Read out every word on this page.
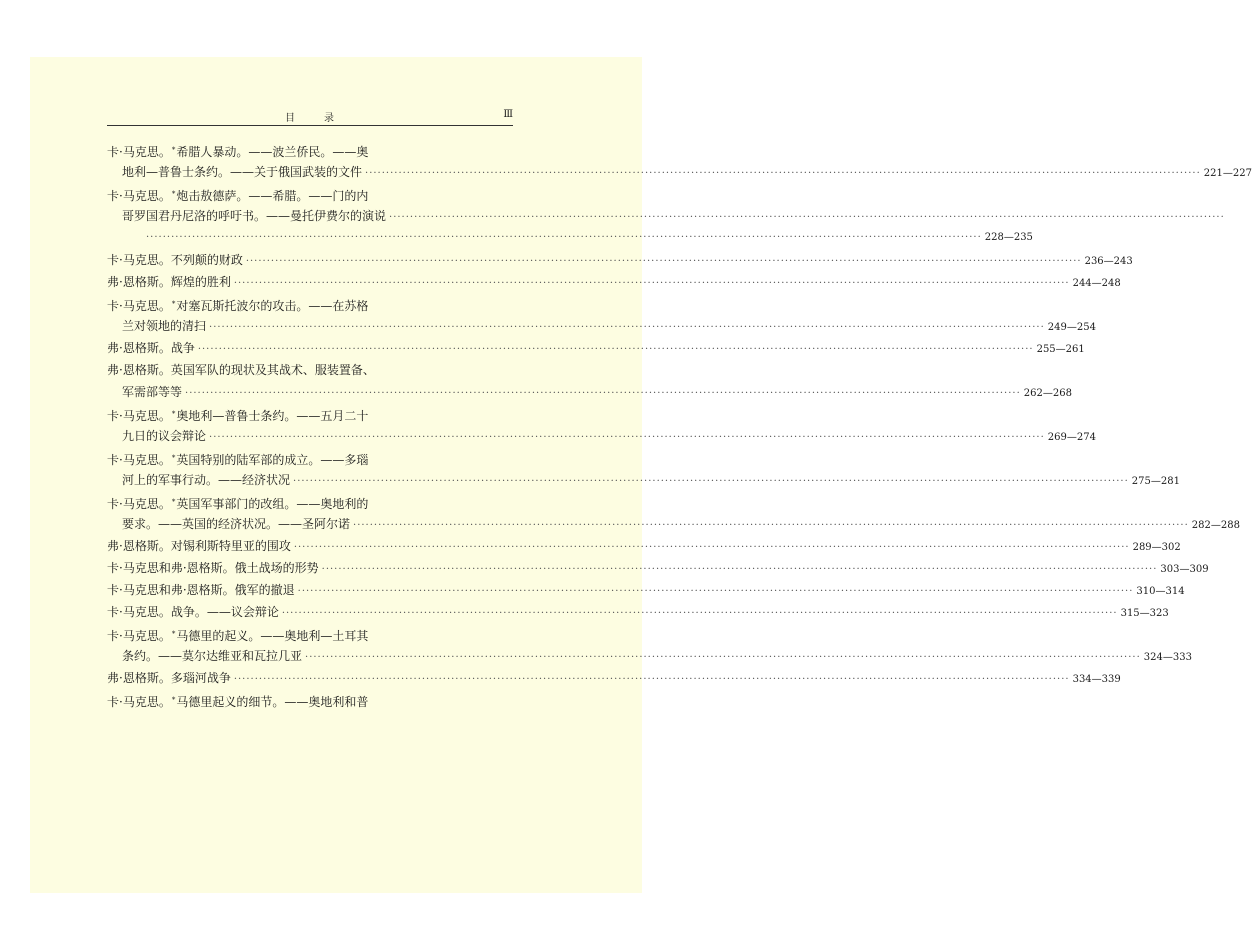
目	录	Ⅲ
卡·马克思。*希腊人暴动。——波兰侨民。——奥
地利—普鲁士条约。——关于俄国武装的文件 ········································································································································································································ 221—227
卡·马克思。*炮击敖德萨。——希腊。——门的内
哥罗国君丹尼洛的呼吁书。——曼托伊费尔的演说 ········································································································································································································
········································································································································································································ 228—235
卡·马克思。不列颠的财政 ········································································································································································································ 236—243
弗·恩格斯。辉煌的胜利 ········································································································································································································ 244—248
卡·马克思。*对塞瓦斯托波尔的攻击。——在苏格
兰对领地的清扫 ········································································································································································································ 249—254
弗·恩格斯。战争 ········································································································································································································ 255—261
弗·恩格斯。英国军队的现状及其战术、服装置备、
军需部等等 ········································································································································································································ 262—268
卡·马克思。*奥地利—普鲁士条约。——五月二十
九日的议会辩论 ········································································································································································································ 269—274
卡·马克思。*英国特别的陆军部的成立。——多瑙
河上的军事行动。——经济状况 ········································································································································································································ 275—281
卡·马克思。*英国军事部门的改组。——奥地利的
要求。——英国的经济状况。——圣阿尔诺 ········································································································································································································ 282—288
弗·恩格斯。对锡利斯特里亚的围攻 ········································································································································································································ 289—302
卡·马克思和弗·恩格斯。俄土战场的形势 ········································································································································································································ 303—309
卡·马克思和弗·恩格斯。俄军的撤退 ········································································································································································································ 310—314
卡·马克思。战争。——议会辩论 ········································································································································································································ 315—323
卡·马克思。*马德里的起义。——奥地利—土耳其
条约。——莫尔达维亚和瓦拉几亚 ········································································································································································································ 324—333
弗·恩格斯。多瑙河战争 ········································································································································································································ 334—339
卡·马克思。*马德里起义的细节。——奥地利和普
